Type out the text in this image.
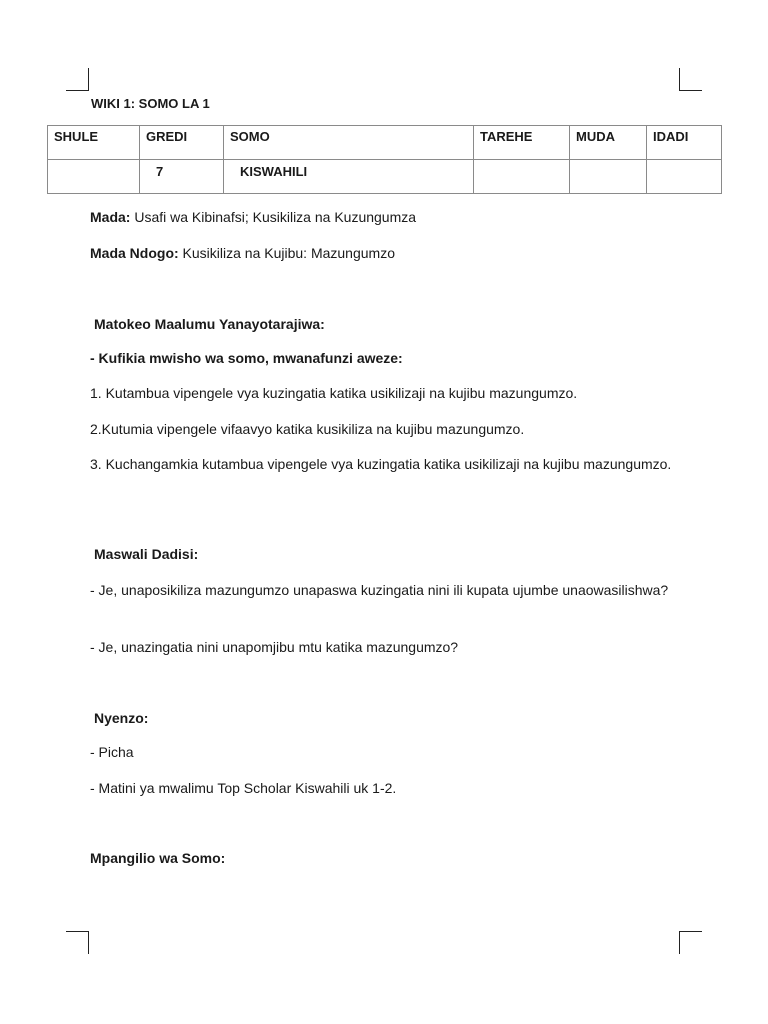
WIKI 1: SOMO LA 1
SHULE	GREDI	SOMO	TAREHE	MUDA	IDADI

	7	KISWAHILI			

Mada: Usafi wa Kibinafsi; Kusikiliza na Kuzungumza
Mada Ndogo: Kusikiliza na Kujibu: Mazungumzo
Matokeo Maalumu Yanayotarajiwa:
- Kufikia mwisho wa somo, mwanafunzi aweze:
1. Kutambua vipengele vya kuzingatia katika usikilizaji na kujibu mazungumzo.
2.Kutumia vipengele vifaavyo katika kusikiliza na kujibu mazungumzo.
3. Kuchangamkia kutambua vipengele vya kuzingatia katika usikilizaji na kujibu mazungumzo.
Maswali Dadisi:
- Je, unaposikiliza mazungumzo unapaswa kuzingatia nini ili kupata ujumbe unaowasilishwa?
- Je, unazingatia nini unapomjibu mtu katika mazungumzo?
Nyenzo:
- Picha
- Matini ya mwalimu Top Scholar Kiswahili uk 1-2.
Mpangilio wa Somo:
